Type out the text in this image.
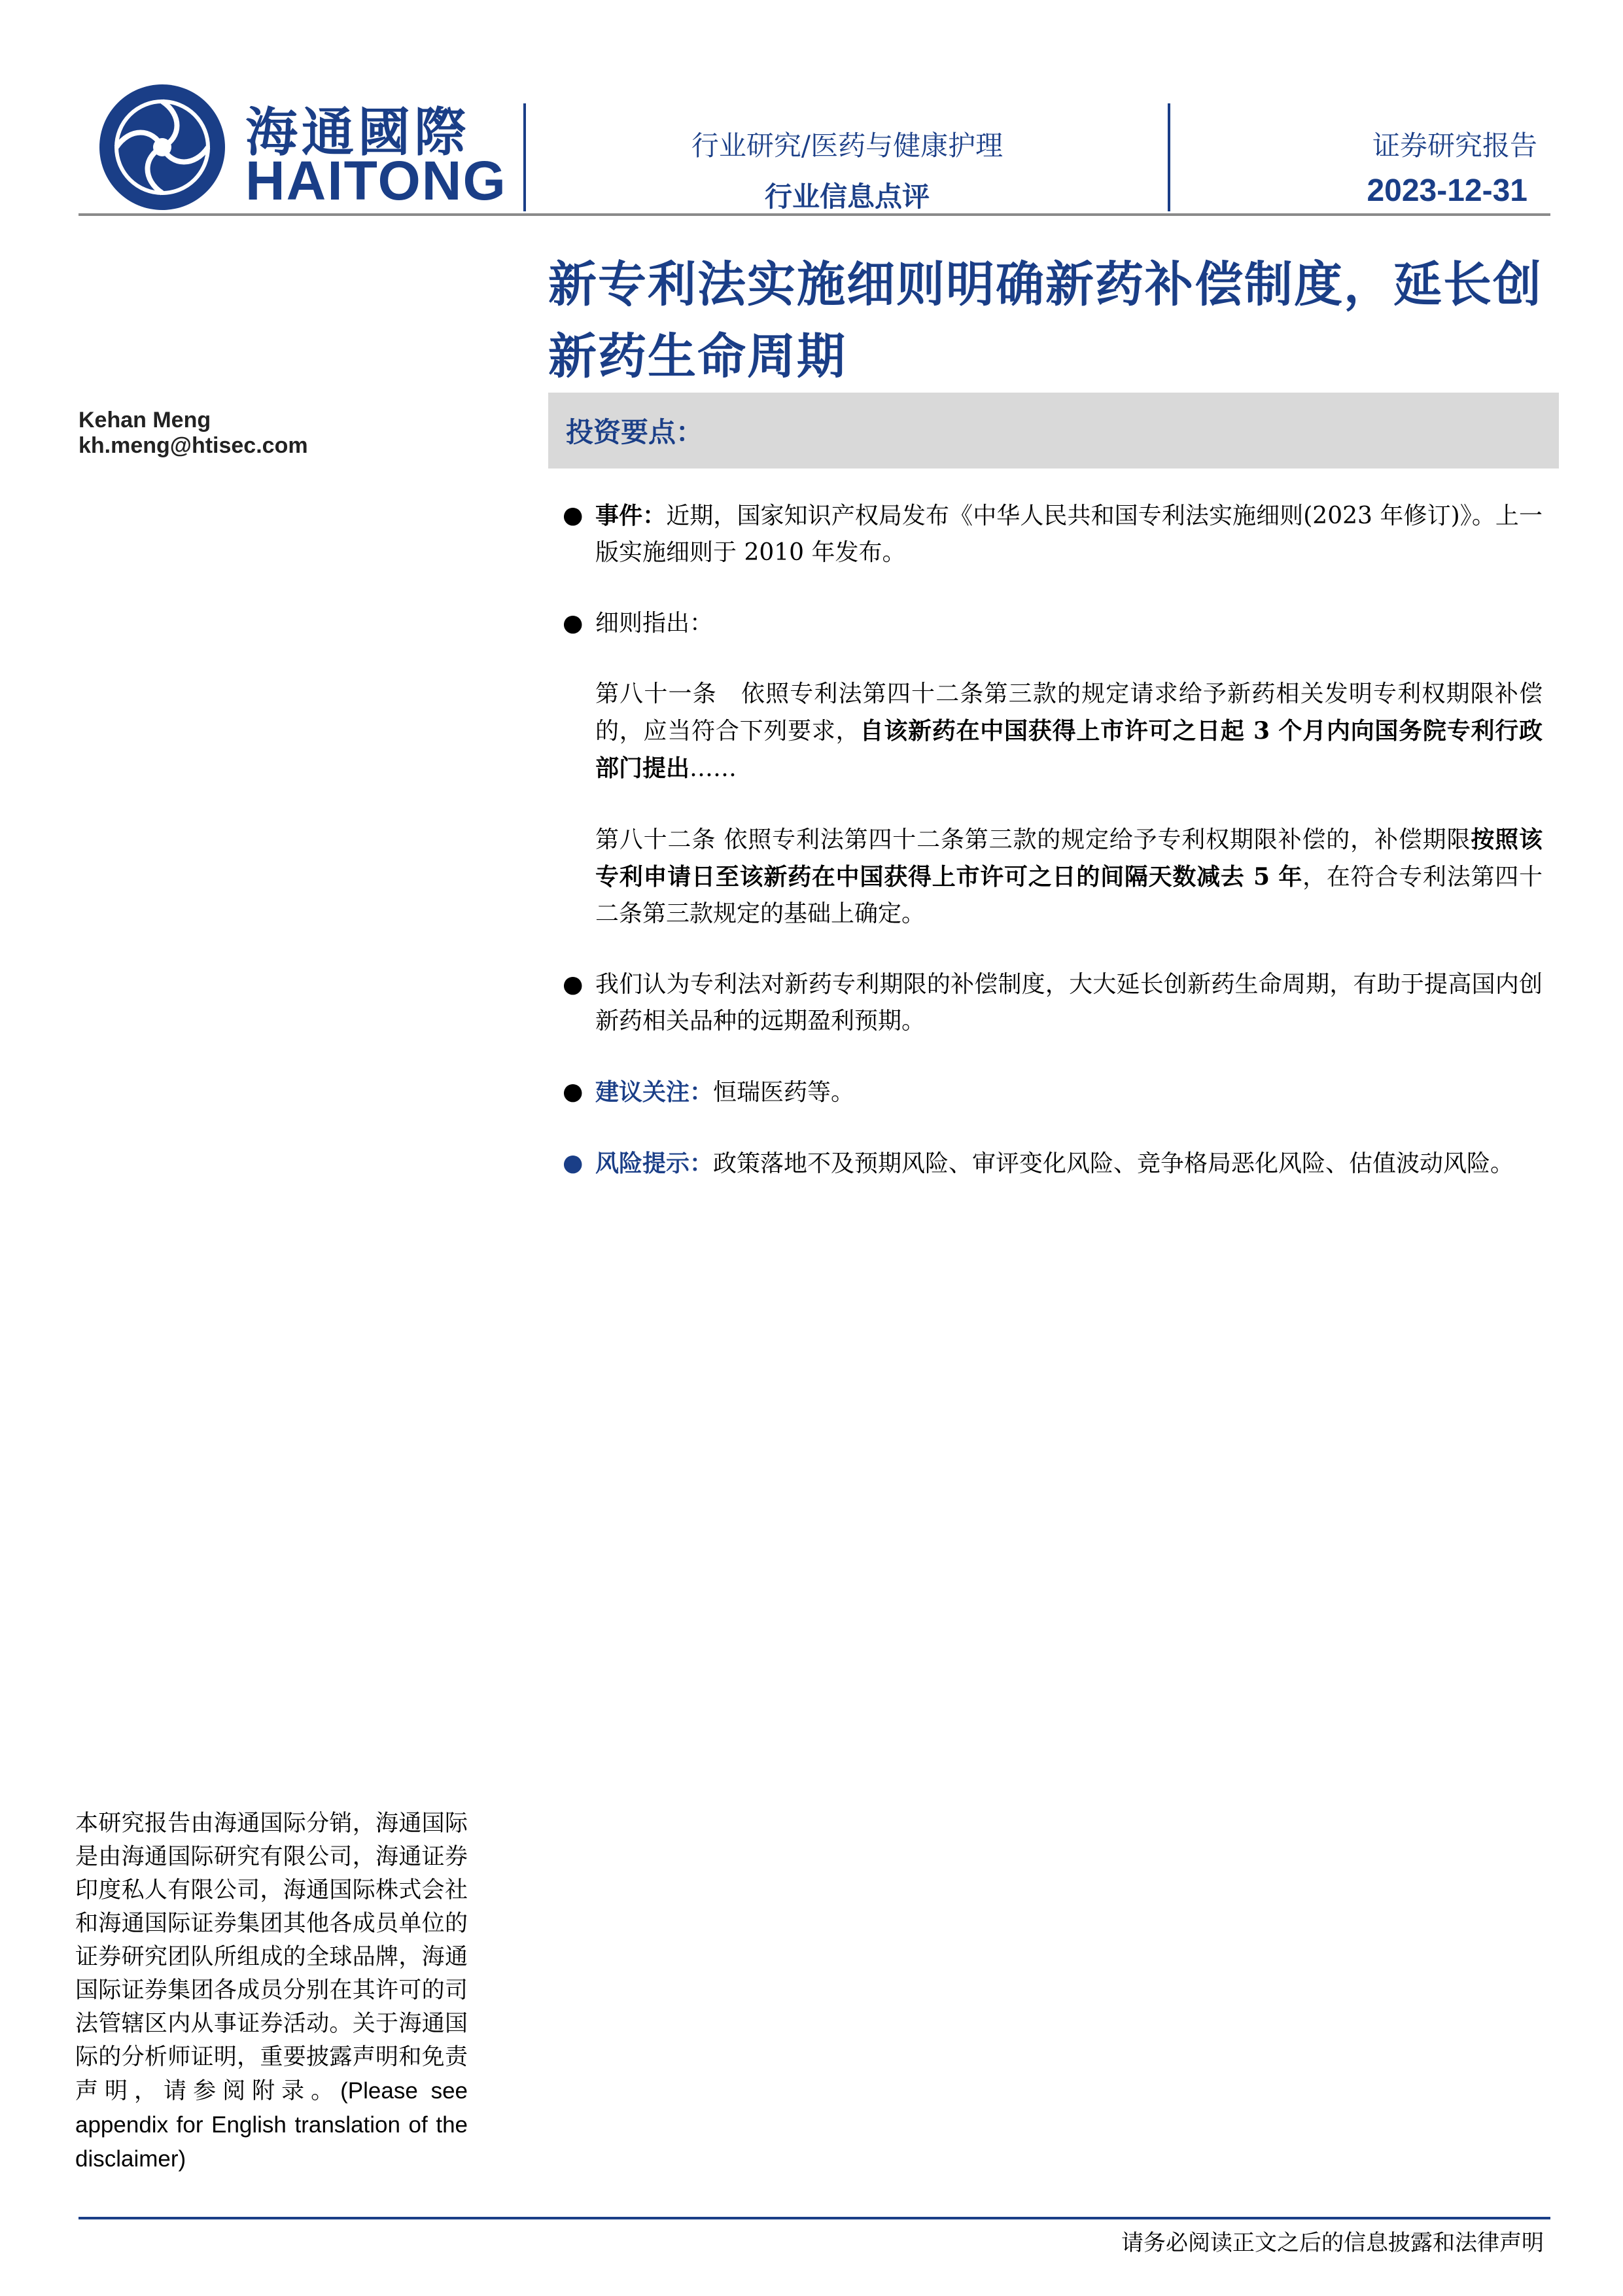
海通國際
HAITONG
行业研究/医药与健康护理
行业信息点评
证券研究报告
2023-12-31
新专利法实施细则明确新药补偿制度，延长创新药生命周期
Kehan Meng
kh.meng@htisec.com	投资要点：

● 事件：近期，国家知识产权局发布《中华人民共和国专利法实施细则(2023 年修订)》。上一版实施细则于 2010 年发布。

● 细则指出：

第八十一条　依照专利法第四十二条第三款的规定请求给予新药相关发明专利权期限补偿的，应当符合下列要求，自该新药在中国获得上市许可之日起 3 个月内向国务院专利行政部门提出……

第八十二条 依照专利法第四十二条第三款的规定给予专利权期限补偿的，补偿期限按照该专利申请日至该新药在中国获得上市许可之日的间隔天数减去 5 年，在符合专利法第四十二条第三款规定的基础上确定。

● 我们认为专利法对新药专利期限的补偿制度，大大延长创新药生命周期，有助于提高国内创新药相关品种的远期盈利预期。

● 建议关注：恒瑞医药等。

● 风险提示：政策落地不及预期风险、审评变化风险、竞争格局恶化风险、估值波动风险。

本研究报告由海通国际分销，海通国际是由海通国际研究有限公司，海通证券印度私人有限公司，海通国际株式会社和海通国际证券集团其他各成员单位的证券研究团队所组成的全球品牌，海通国际证券集团各成员分别在其许可的司法管辖区内从事证券活动。关于海通国际的分析师证明，重要披露声明和免责声明，请参阅附录。(Please see appendix for English translation of the disclaimer)
请务必阅读正文之后的信息披露和法律声明
